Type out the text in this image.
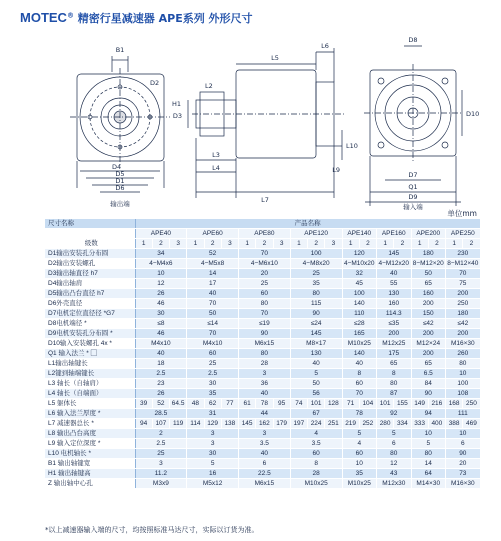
MOTEC® 精密行星减速器 APE系列 外形尺寸
B1
H1
D4
D5
D1
D6
D2
输出端
D3
L5
L6
L2
L3
L4
L7
L9
L10
D8
D10
D7
Q1
D9
输入端
单位mm
尺寸名称	产品名称																			
	APE40			APE60			APE80			APE120			APE140		APE160		APE200		APE250	
级数	1	2	3	1	2	3	1	2	3	1	2	3	1	2	1	2	1	2	1	2
D1输出安装孔分布圆	34			52			70			100			120		145		180		230	
D2输出安装螺孔	4−M4x6			4−M5x8			4−M6x10			4−M8x20			4−M10x20		4−M12x20		8−M12×20		8−M12×40	
D3输出轴直径 h7	10			14			20			25			32		40		50		70	
D4输出轴肩	12			17			25			35			45		55		65		75	
D5输出凸台直径 h7	26			40			60			80			100		130		160		200	
D6外壳直径	46			70			80			115			140		160		200		250	
D7电机定位直径径 *G7	30			50			70			90			110		114.3		150		180	
D8电机端径 *	≤8			≤14			≤19			≤24			≤28		≤35		≤42		≤42	
D9电机安装孔分布圆 *	46			70			90			145			165		200		200		200	
D10输入安装螺孔 4x *	M4x10			M4x10			M6x15			M8×17			M10x25		M12x25		M12×24		M16×30	
Q1 输入法兰 * ▢	40			60			80			130			140		175		200		260	
L1输出轴键长	18			25			28			40			40		65		65		80	
L2键到轴端键长	2.5			2.5			3			5			8		8		6.5		10	
L3 轴长（自轴肩）	23			30			36			50			60		80		84		100	
L4 轴长（自端面）	26			35			40			56			70		87		90		108	
L5 躯体长	39	52	64.5	48	62	77	61	78	95	74	101	128	71	104	101	155	149	216	168	250
L6 输入法兰厚度 *	28.5			31			44			67			78		92		94		111	
L7 减速器总长 *	94	107	119	114	129	138	145	162	179	197	224	251	219	252	280	334	333	400	388	469
L8 输出凸台高度	2			3			3			4			5		5		10		10	
L9 输入定位深度 *	2.5			3			3.5			3.5			4		6		5		6	
L10 电机轴长 *	25			30			40			60			60		80		80		90	
B1 输出轴键宽	3			5			6			8			10		12		14		20	
H1 输出轴键高	11.2			16			22.5			28			35		43		64		73	
Z 输出轴中心孔	M3x9			M5x12			M6x15			M10x25			M10x25		M12x30		M14×30		M16×30	
*以上减速器输入端的尺寸，均按照标准马达尺寸，实际以订货为准。
